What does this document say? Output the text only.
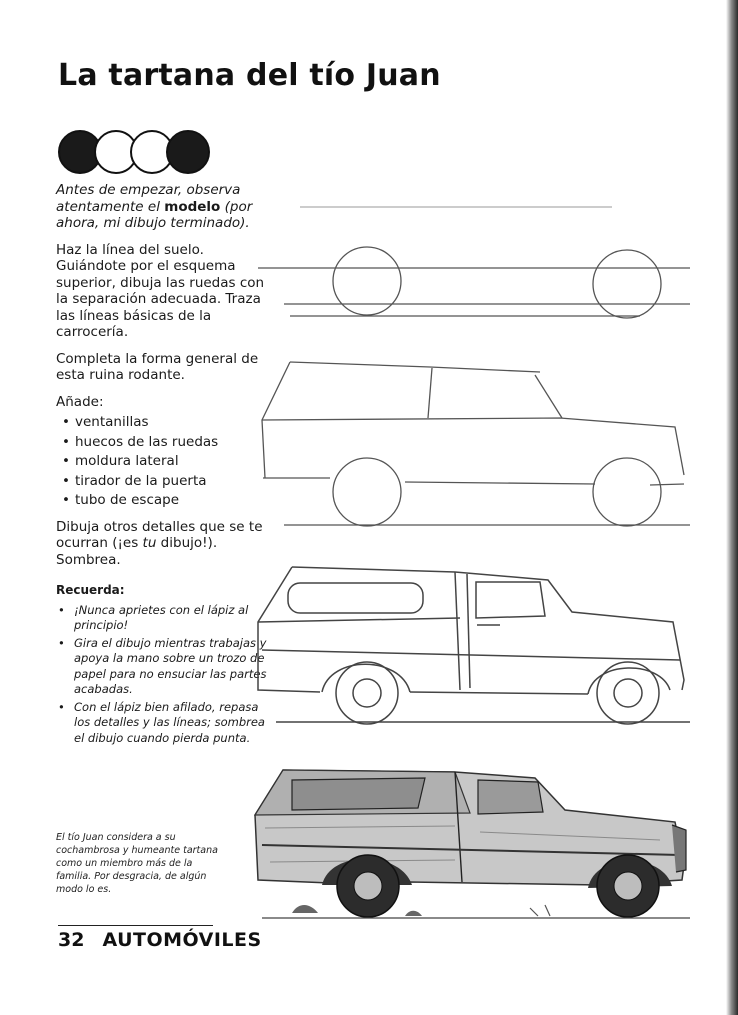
La tartana del tío Juan

Antes de empezar, observa atentamente el modelo (por ahora, mi dibujo terminado).

Haz la línea del suelo. Guiándote por el esquema superior, dibuja las ruedas con la separación adecuada. Traza las líneas básicas de la carrocería.

Completa la forma general de esta ruina rodante.

Añade:

• ventanillas
• huecos de las ruedas
• moldura lateral
• tirador de la puerta
• tubo de escape

Dibuja otros detalles que se te ocurran (¡es tu dibujo!). Sombrea.

Recuerda:
• ¡Nunca aprietes con el lápiz al principio!
• Gira el dibujo mientras trabajas y apoya la mano sobre un trozo de papel para no ensuciar las partes acabadas.
• Con el lápiz bien afilado, repasa los detalles y las líneas; sombrea el dibujo cuando pierda punta.
El tío Juan considera a su cochambrosa y humeante tartana como un miembro más de la familia. Por desgracia, de algún modo lo es.
32 AUTOMÓVILES
